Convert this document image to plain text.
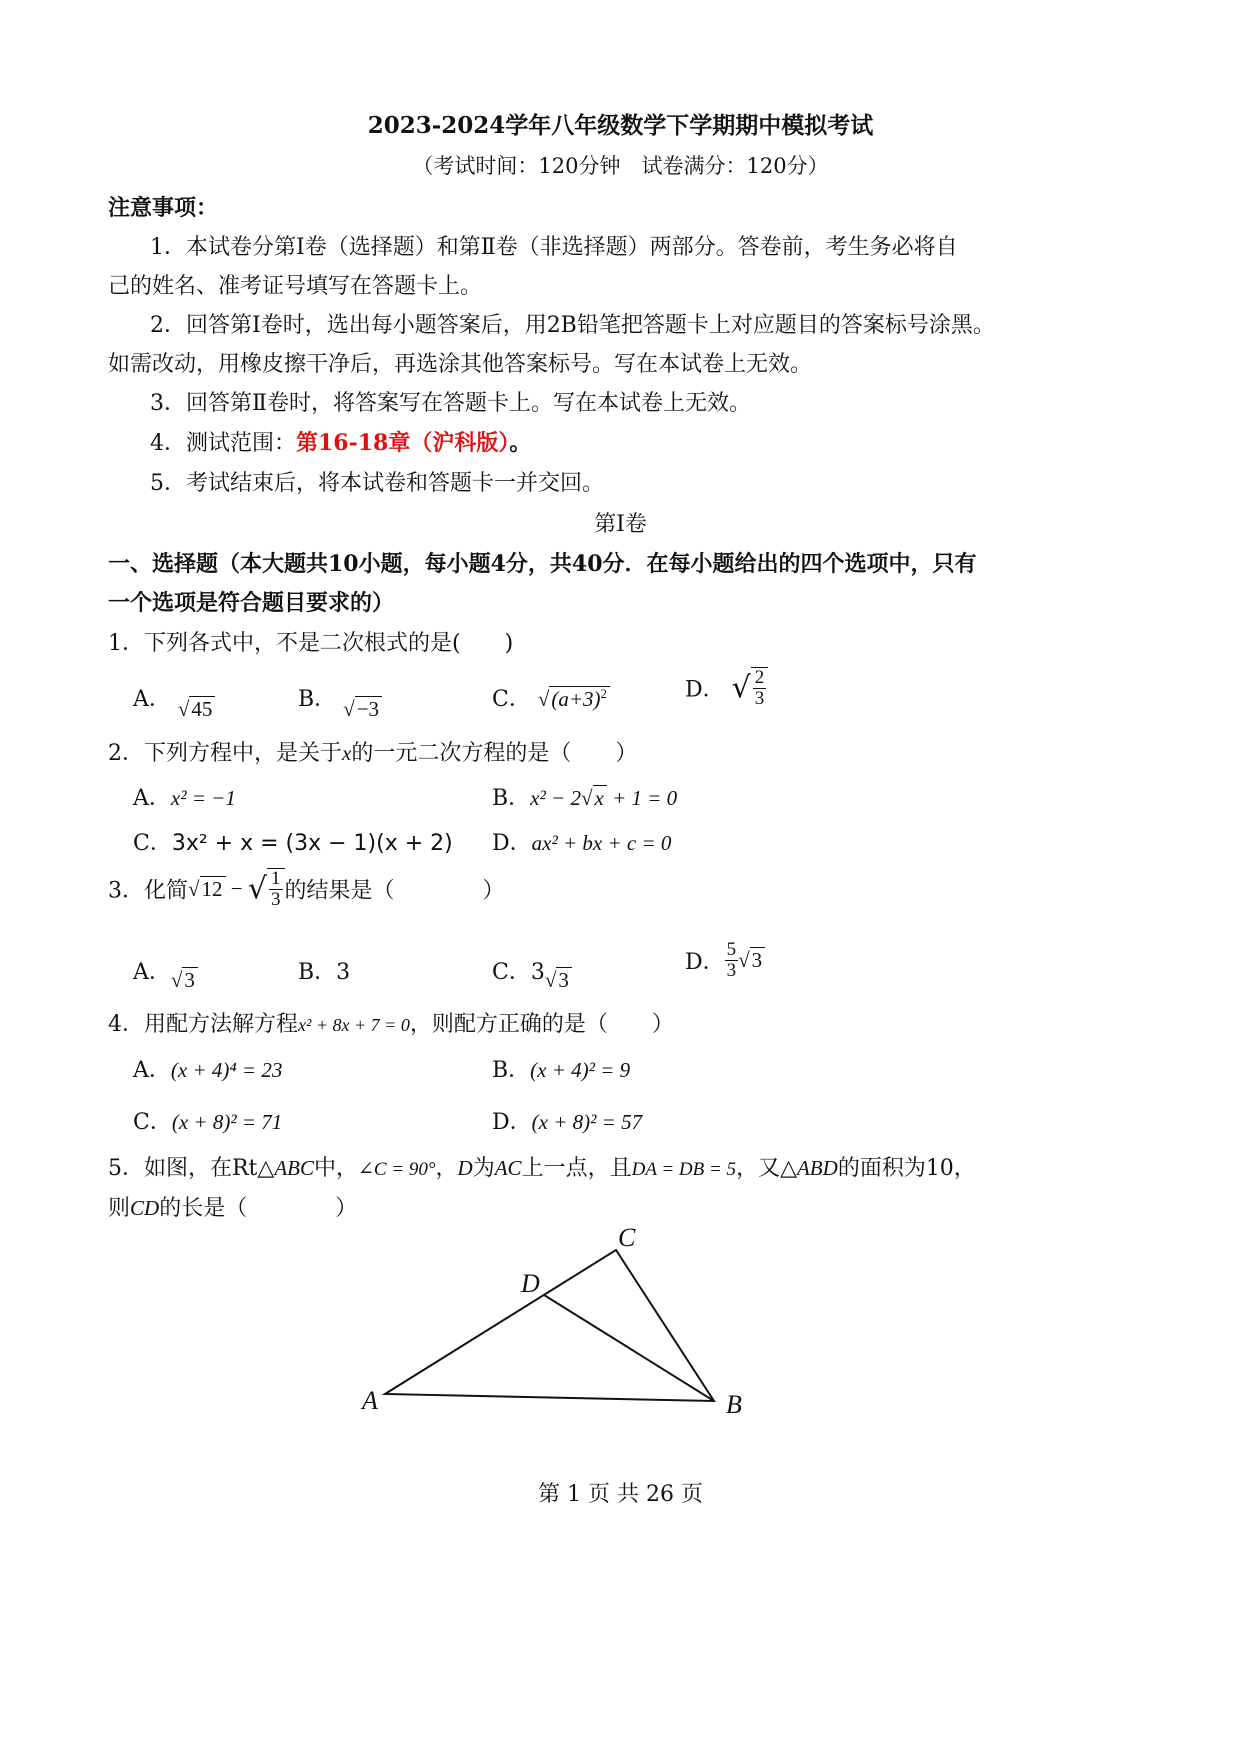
2023-2024学年八年级数学下学期期中模拟考试
（考试时间：120分钟　试卷满分：120分）
注意事项：
1．本试卷分第Ⅰ卷（选择题）和第Ⅱ卷（非选择题）两部分。答卷前，考生务必将自
己的姓名、准考证号填写在答题卡上。
2．回答第Ⅰ卷时，选出每小题答案后，用2B铅笔把答题卡上对应题目的答案标号涂黑。
如需改动，用橡皮擦干净后，再选涂其他答案标号。写在本试卷上无效。
3．回答第Ⅱ卷时，将答案写在答题卡上。写在本试卷上无效。
4．测试范围：第16-18章（沪科版）。
5．考试结束后，将本试卷和答题卡一并交回。
第Ⅰ卷
一、选择题（本大题共10小题，每小题4分，共40分．在每小题给出的四个选项中，只有
一个选项是符合题目要求的）
1．下列各式中，不是二次根式的是(　　)
A． √45	B． √−3	C． $√(a+3)^2$	D． √ $\frac{2}{3}$
2．下列方程中，是关于x的一元二次方程的是（　　）
A．x² = −1	B．x² − 2√x + 1 = 0
C．3x² + x = (3x − 1)(x + 2) D．ax² + bx + c = 0
3．化简√12 − √ $\frac{1}{3}$ 的结果是（　　　　）
A．√3	B．3	C．3√3
D． $\frac{5}{3} √3$
4．用配方法解方程x² + 8x + 7 = 0，则配方正确的是（　　）
A．(x + 4)⁴ = 23	B．(x + 4)² = 9
C．(x + 8)² = 71	D．(x + 8)² = 57
5．如图，在Rt△ABC中，∠C = 90°，D为AC上一点，且DA = DB = 5，又△ABD的面积为10，
则CD的长是（　　　　）
A	B
C
D
第 1 页 共 26 页
